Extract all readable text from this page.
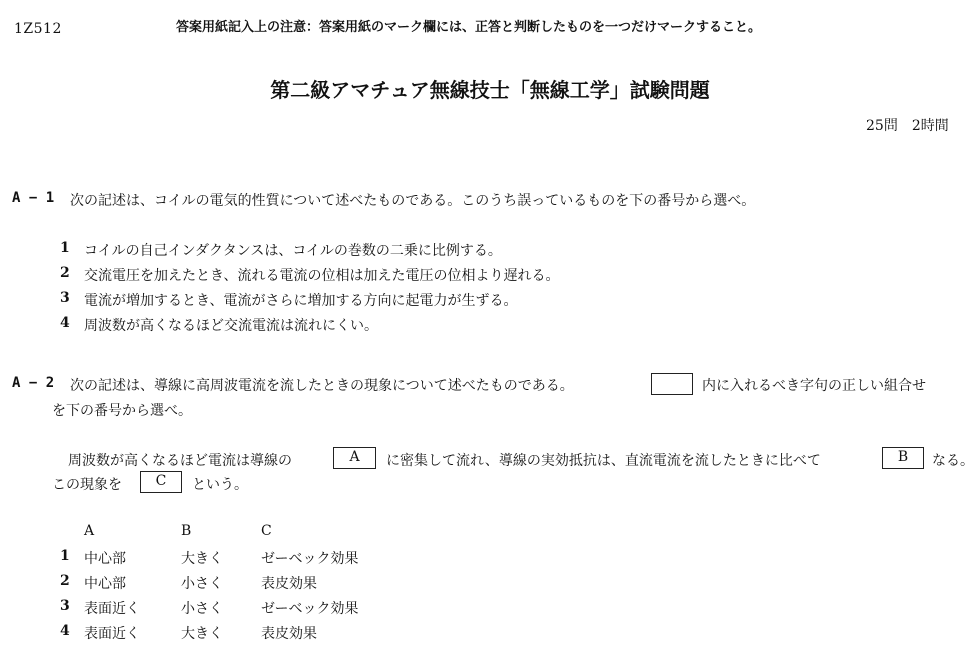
1Z512	答案用紙記入上の注意：答案用紙のマーク欄には、正答と判断したものを一つだけマークすること。
第二級アマチュア無線技士「無線工学」試験問題
25問　2時間
A − 1 次の記述は、コイルの電気的性質について述べたものである。このうち誤っているものを下の番号から選べ。
1	コイルの自己インダクタンスは、コイルの巻数の二乗に比例する。
2	交流電圧を加えたとき、流れる電流の位相は加えた電圧の位相より遅れる。
3	電流が増加するとき、電流がさらに増加する方向に起電力が生ずる。
4	周波数が高くなるほど交流電流は流れにくい。
A − 2 次の記述は、導線に高周波電流を流したときの現象について述べたものである。	内に入れるべき字句の正しい組合せ
を下の番号から選べ。
周波数が高くなるほど電流は導線の	A	に密集して流れ、導線の実効抵抗は、直流電流を流したときに比べて	B	なる。
この現象を	C	という。
A	B	C
1	中心部	大きく	ゼーベック効果
2	中心部	小さく	表皮効果
3	表面近く	小さく	ゼーベック効果
4	表面近く	大きく	表皮効果
